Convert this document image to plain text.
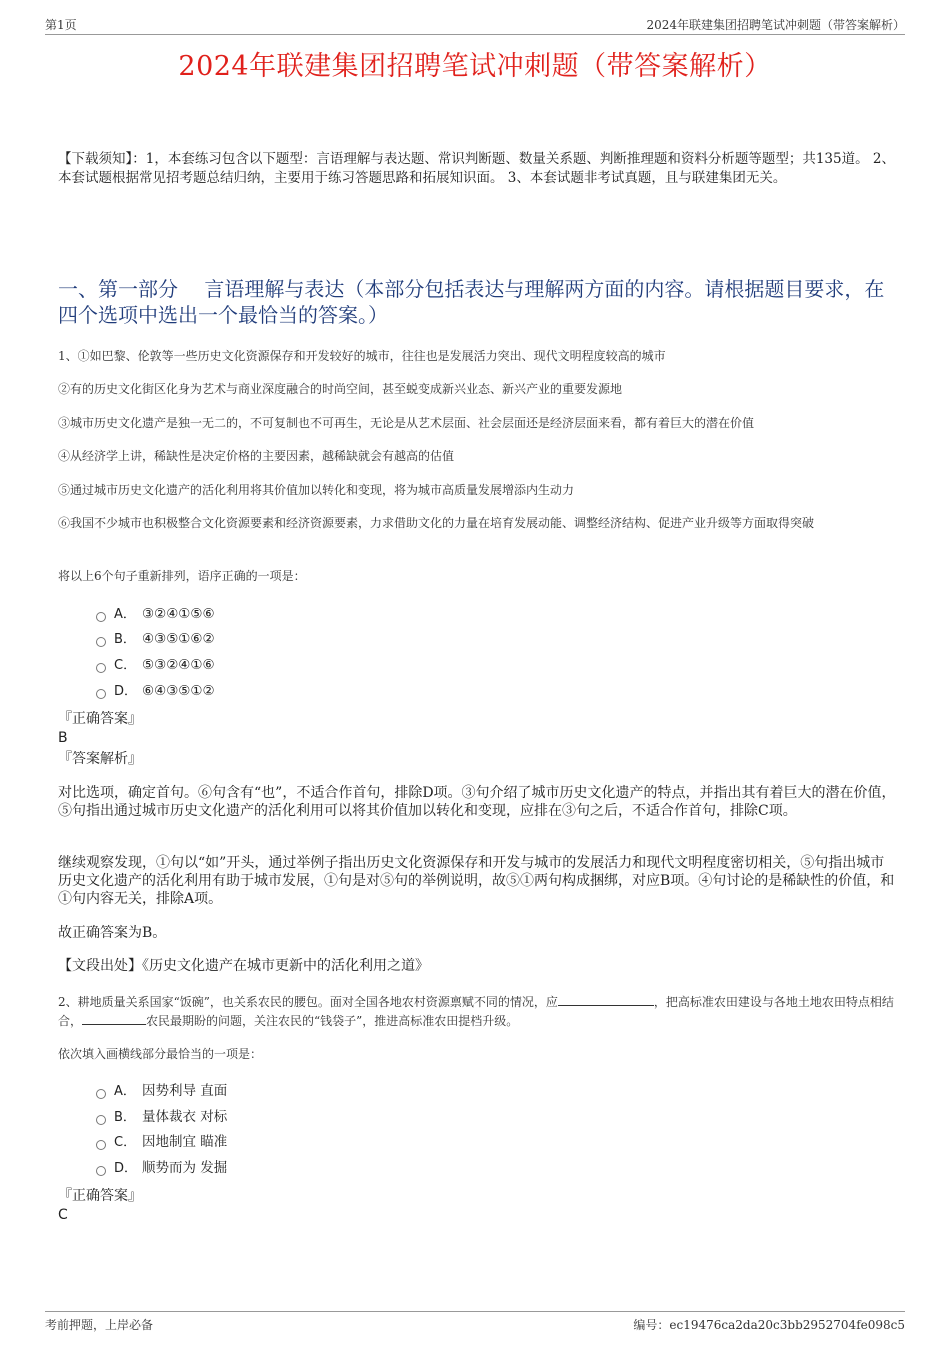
第1页	2024年联建集团招聘笔试冲刺题（带答案解析）
2024年联建集团招聘笔试冲刺题（带答案解析）
【下载须知】：1，本套练习包含以下题型：言语理解与表达题、常识判断题、数量关系题、判断推理题和资料分析题等题型；共135道。 2、本套试题根据常见招考题总结归纳，主要用于练习答题思路和拓展知识面。 3、本套试题非考试真题，且与联建集团无关。
一、第一部分　 言语理解与表达（本部分包括表达与理解两方面的内容。请根据题目要求，在四个选项中选出一个最恰当的答案。）
1、①如巴黎、伦敦等一些历史文化资源保存和开发较好的城市，往往也是发展活力突出、现代文明程度较高的城市
②有的历史文化街区化身为艺术与商业深度融合的时尚空间，甚至蜕变成新兴业态、新兴产业的重要发源地
③城市历史文化遗产是独一无二的，不可复制也不可再生，无论是从艺术层面、社会层面还是经济层面来看，都有着巨大的潜在价值
④从经济学上讲，稀缺性是决定价格的主要因素，越稀缺就会有越高的估值
⑤通过城市历史文化遗产的活化利用将其价值加以转化和变现，将为城市高质量发展增添内生动力
⑥我国不少城市也积极整合文化资源要素和经济资源要素，力求借助文化的力量在培育发展动能、调整经济结构、促进产业升级等方面取得突破
将以上6个句子重新排列，语序正确的一项是：
A． ③②④①⑤⑥
B． ④③⑤①⑥②
C． ⑤③②④①⑥
D． ⑥④③⑤①②
『正确答案』
B
『答案解析』
对比选项，确定首句。⑥句含有“也”，不适合作首句，排除D项。③句介绍了城市历史文化遗产的特点，并指出其有着巨大的潜在价值，⑤句指出通过城市历史文化遗产的活化利用可以将其价值加以转化和变现，应排在③句之后，不适合作首句，排除C项。
继续观察发现，①句以“如”开头，通过举例子指出历史文化资源保存和开发与城市的发展活力和现代文明程度密切相关，⑤句指出城市历史文化遗产的活化利用有助于城市发展，①句是对⑤句的举例说明，故⑤①两句构成捆绑，对应B项。④句讨论的是稀缺性的价值，和①句内容无关，排除A项。
故正确答案为B。
【文段出处】《历史文化遗产在城市更新中的活化利用之道》
2、耕地质量关系国家“饭碗”，也关系农民的腰包。面对全国各地农村资源禀赋不同的情况，应	，把高标准农田建设与各地土地农田特点相结合，	农民最期盼的问题，关注农民的“钱袋子”，推进高标准农田提档升级。
依次填入画横线部分最恰当的一项是：
A． 因势利导 直面
B． 量体裁衣 对标
C． 因地制宜 瞄准
D． 顺势而为 发掘
『正确答案』
C
考前押题，上岸必备	编号：ec19476ca2da20c3bb2952704fe098c5
